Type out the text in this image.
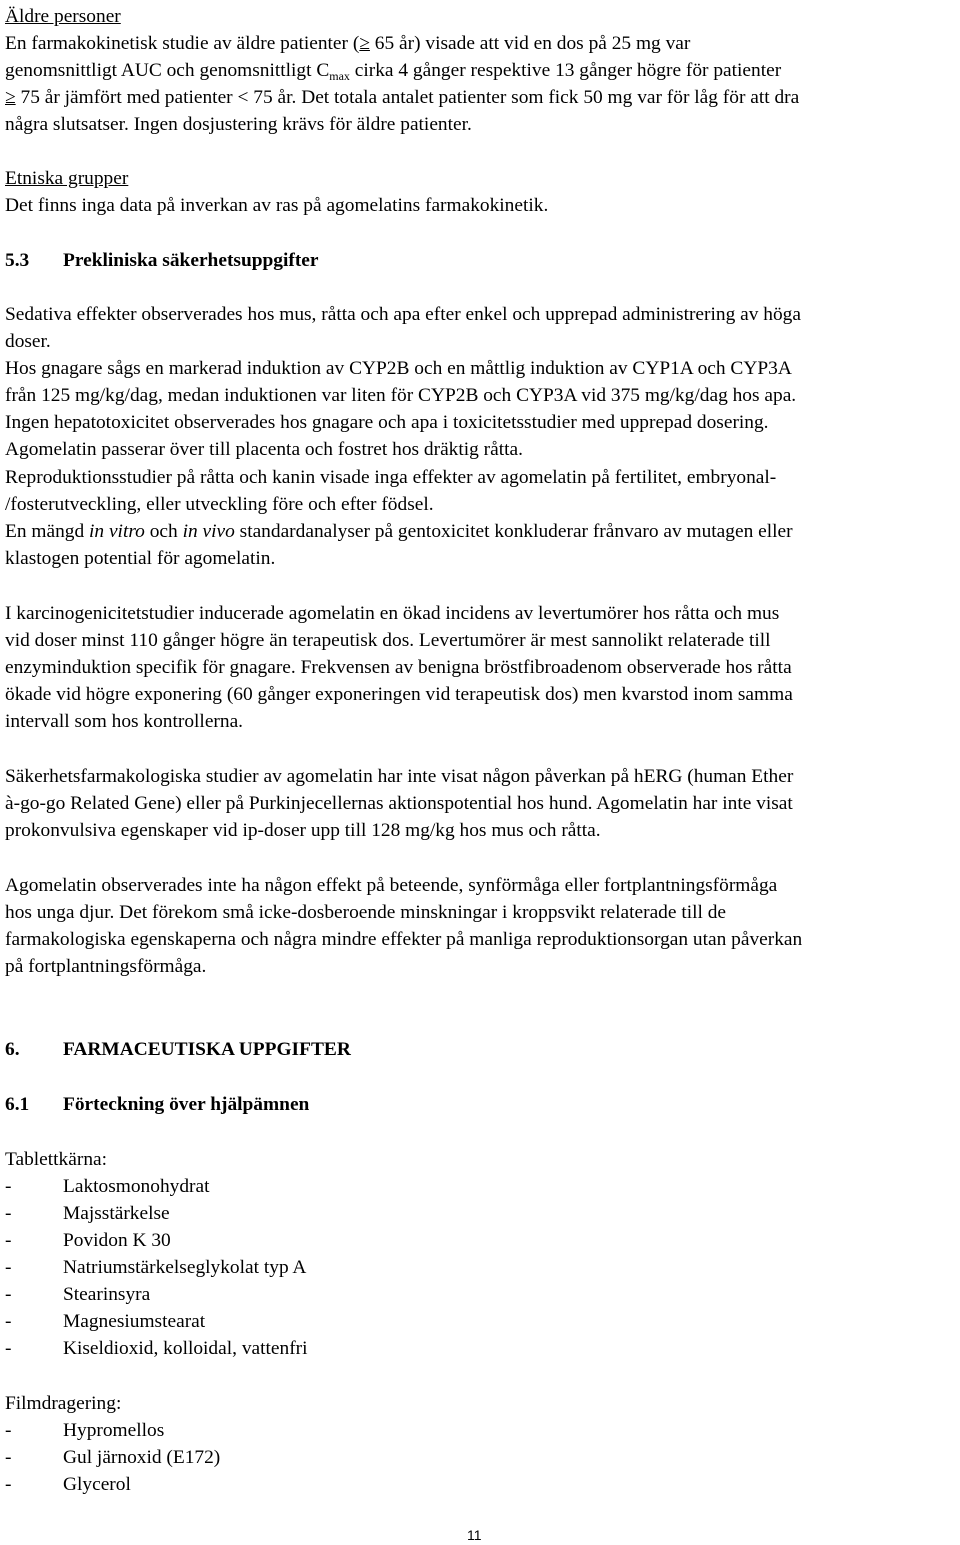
Äldre personer

En farmakokinetisk studie av äldre patienter (≥ 65 år) visade att vid en dos på 25 mg var

genomsnittligt AUC och genomsnittligt $C_{max}$ cirka 4 gånger respektive 13 gånger högre för patienter

≥ 75 år jämfört med patienter < 75 år. Det totala antalet patienter som fick 50 mg var för låg för att dra

några slutsatser. Ingen dosjustering krävs för äldre patienter.

Etniska grupper

Det finns inga data på inverkan av ras på agomelatins farmakokinetik.

5.3 Prekliniska säkerhetsuppgifter

Sedativa effekter observerades hos mus, råtta och apa efter enkel och upprepad administrering av höga

doser.

Hos gnagare sågs en markerad induktion av CYP2B och en måttlig induktion av CYP1A och CYP3A

från 125 mg/kg/dag, medan induktionen var liten för CYP2B och CYP3A vid 375 mg/kg/dag hos apa.

Ingen hepatotoxicitet observerades hos gnagare och apa i toxicitetsstudier med upprepad dosering.

Agomelatin passerar över till placenta och fostret hos dräktig råtta.

Reproduktionsstudier på råtta och kanin visade inga effekter av agomelatin på fertilitet, embryonal-

/fosterutveckling, eller utveckling före och efter födsel.

En mängd in vitro och in vivo standardanalyser på gentoxicitet konkluderar frånvaro av mutagen eller

klastogen potential för agomelatin.

I karcinogenicitetstudier inducerade agomelatin en ökad incidens av levertumörer hos råtta och mus

vid doser minst 110 gånger högre än terapeutisk dos. Levertumörer är mest sannolikt relaterade till

enzyminduktion specifik för gnagare. Frekvensen av benigna bröstfibroadenom observerade hos råtta

ökade vid högre exponering (60 gånger exponeringen vid terapeutisk dos) men kvarstod inom samma

intervall som hos kontrollerna.

Säkerhetsfarmakologiska studier av agomelatin har inte visat någon påverkan på hERG (human Ether

à-go-go Related Gene) eller på Purkinjecellernas aktionspotential hos hund. Agomelatin har inte visat

prokonvulsiva egenskaper vid ip-doser upp till 128 mg/kg hos mus och råtta.

Agomelatin observerades inte ha någon effekt på beteende, synförmåga eller fortplantningsförmåga

hos unga djur. Det förekom små icke-dosberoende minskningar i kroppsvikt relaterade till de

farmakologiska egenskaperna och några mindre effekter på manliga reproduktionsorgan utan påverkan

på fortplantningsförmåga.

6. FARMACEUTISKA UPPGIFTER

6.1 Förteckning över hjälpämnen

Tablettkärna:

-	Laktosmonohydrat

-	Majsstärkelse

-	Povidon K 30

-	Natriumstärkelseglykolat typ A

-	Stearinsyra

-	Magnesiumstearat

-	Kiseldioxid, kolloidal, vattenfri

Filmdragering:

-	Hypromellos

-	Gul järnoxid (E172)

-	Glycerol

11
